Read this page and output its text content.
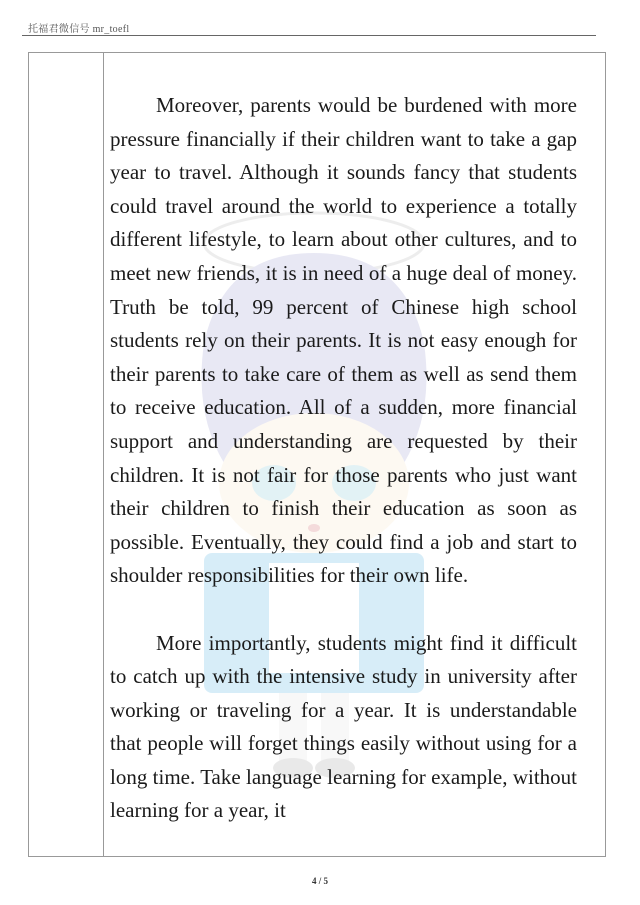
托福君微信号 mr_toefl

Moreover, parents would be burdened with more pressure financially if their children want to take a gap year to travel. Although it sounds fancy that students could travel around the world to experience a totally different lifestyle, to learn about other cultures, and to meet new friends, it is in need of a huge deal of money. Truth be told, 99 percent of Chinese high school students rely on their parents. It is not easy enough for their parents to take care of them as well as send them to receive education. All of a sudden, more financial support and understanding are requested by their children. It is not fair for those parents who just want their children to finish their education as soon as possible. Eventually, they could find a job and start to shoulder responsibilities for their own life.

More importantly, students might find it difficult to catch up with the intensive study in university after working or traveling for a year. It is understandable that people will forget things easily without using for a long time. Take language learning for example, without learning for a year, it

4 / 5
